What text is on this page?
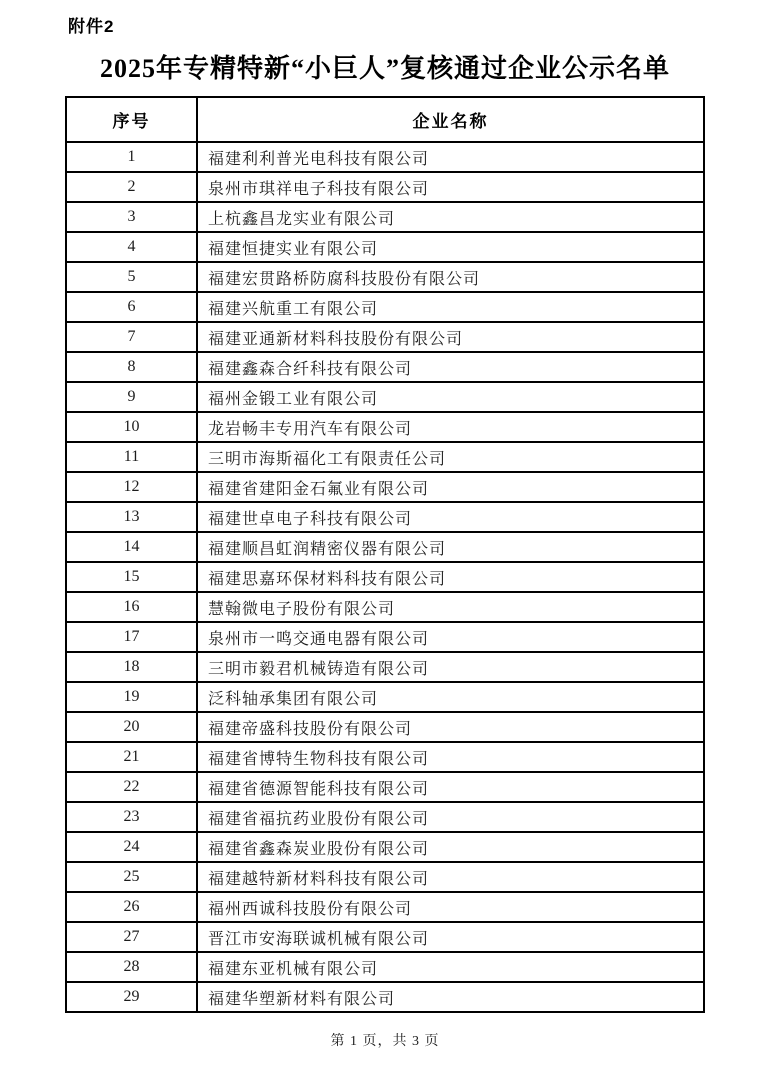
附件2
2025年专精特新“小巨人”复核通过企业公示名单
序号	企业名称
1	福建利利普光电科技有限公司
2	泉州市琪祥电子科技有限公司
3	上杭鑫昌龙实业有限公司
4	福建恒捷实业有限公司
5	福建宏贯路桥防腐科技股份有限公司
6	福建兴航重工有限公司
7	福建亚通新材料科技股份有限公司
8	福建鑫森合纤科技有限公司
9	福州金锻工业有限公司
10	龙岩畅丰专用汽车有限公司
11	三明市海斯福化工有限责任公司
12	福建省建阳金石氟业有限公司
13	福建世卓电子科技有限公司
14	福建顺昌虹润精密仪器有限公司
15	福建思嘉环保材料科技有限公司
16	慧翰微电子股份有限公司
17	泉州市一鸣交通电器有限公司
18	三明市毅君机械铸造有限公司
19	泛科轴承集团有限公司
20	福建帝盛科技股份有限公司
21	福建省博特生物科技有限公司
22	福建省德源智能科技有限公司
23	福建省福抗药业股份有限公司
24	福建省鑫森炭业股份有限公司
25	福建越特新材料科技有限公司
26	福州西诚科技股份有限公司
27	晋江市安海联诚机械有限公司
28	福建东亚机械有限公司
29	福建华塑新材料有限公司
第 1 页，共 3 页
